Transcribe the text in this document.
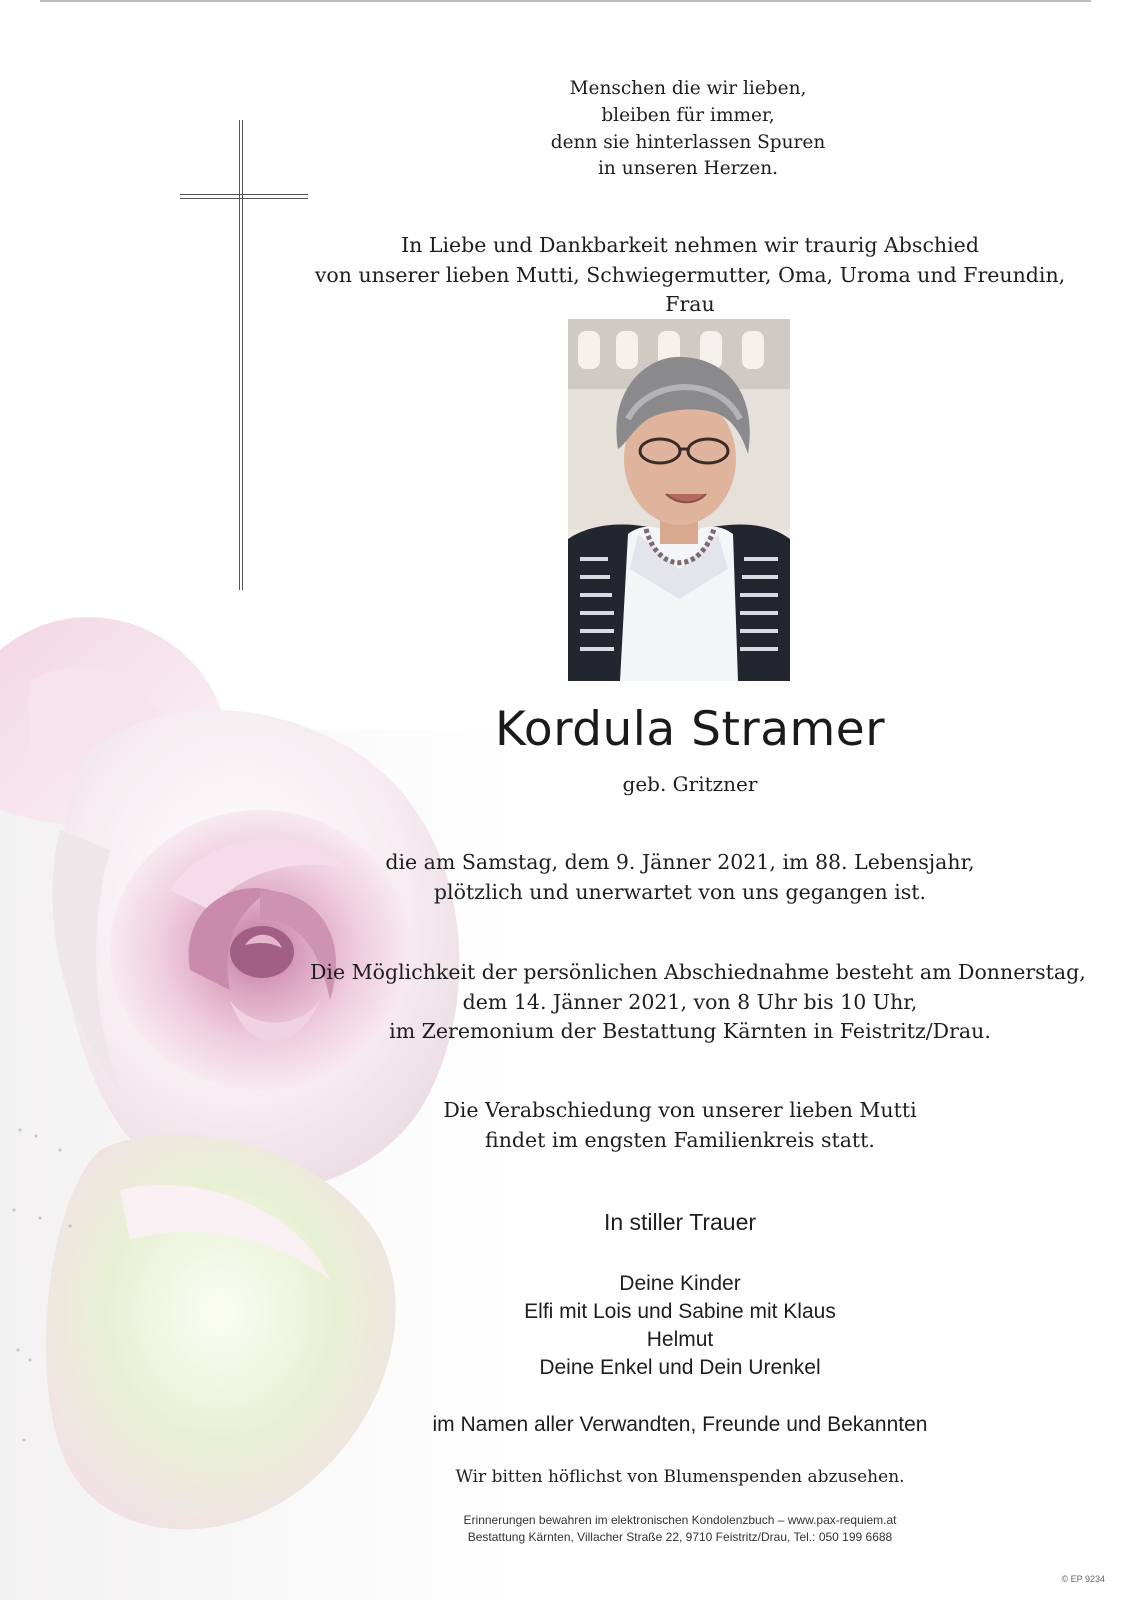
Menschen die wir lieben,
bleiben für immer,
denn sie hinterlassen Spuren
in unseren Herzen.
In Liebe und Dankbarkeit nehmen wir traurig Abschied
von unserer lieben Mutti, Schwiegermutter, Oma, Uroma und Freundin,
Frau
Kordula Stramer
geb. Gritzner
die am Samstag, dem 9. Jänner 2021, im 88. Lebensjahr,
plötzlich und unerwartet von uns gegangen ist.
Die Möglichkeit der persönlichen Abschiednahme besteht am Donnerstag,
dem 14. Jänner 2021, von 8 Uhr bis 10 Uhr,
im Zeremonium der Bestattung Kärnten in Feistritz/Drau.
Die Verabschiedung von unserer lieben Mutti
findet im engsten Familienkreis statt.
In stiller Trauer
Deine Kinder
Elfi mit Lois und Sabine mit Klaus
Helmut
Deine Enkel und Dein Urenkel
im Namen aller Verwandten, Freunde und Bekannten
Wir bitten höflichst von Blumenspenden abzusehen.
Erinnerungen bewahren im elektronischen Kondolenzbuch – www.pax-requiem.at
Bestattung Kärnten, Villacher Straße 22, 9710 Feistritz/Drau, Tel.: 050 199 6688
© EP 9234
